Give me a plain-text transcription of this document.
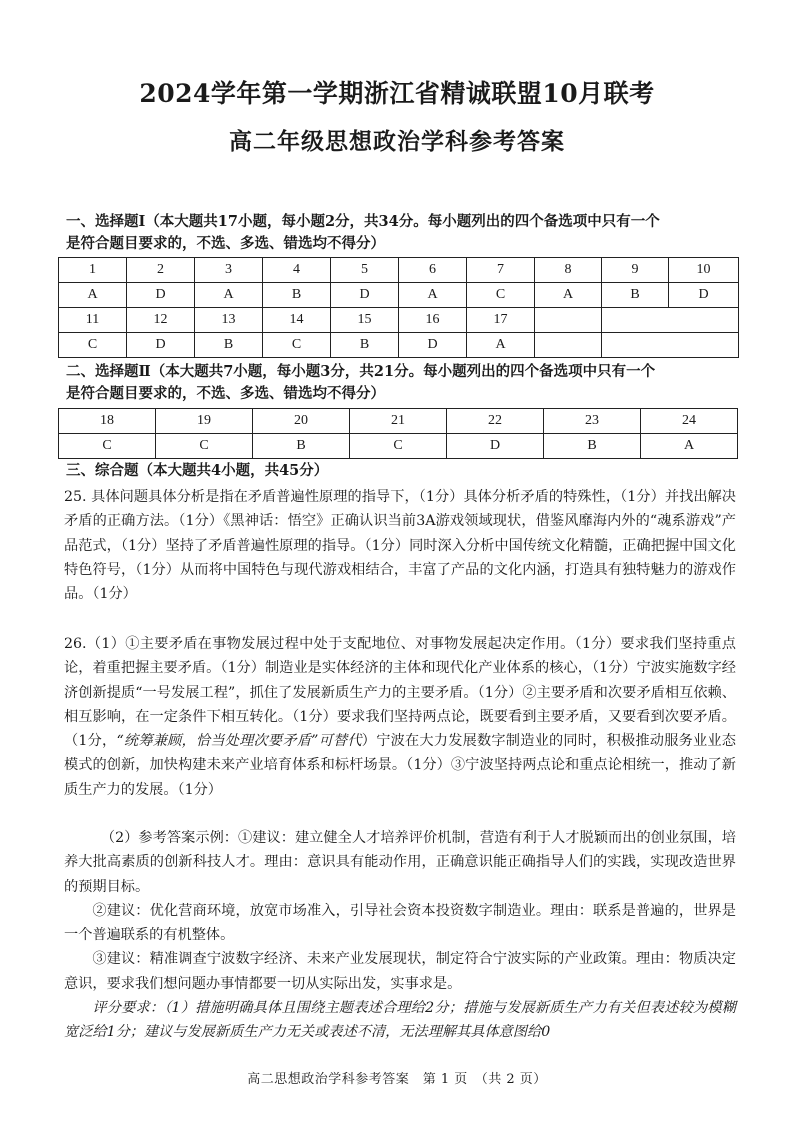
2024学年第一学期浙江省精诚联盟10月联考
高二年级思想政治学科参考答案
一、选择题Ⅰ（本大题共17小题，每小题2分，共34分。每小题列出的四个备选项中只有一个
是符合题目要求的，不选、多选、错选均不得分）
1	2	3	4	5	6	7	8	9	10
A	D	A	B	D	A	C	A	B	D
11	12	13	14	15	16	17			
C	D	B	C	B	D	A			
二、选择题Ⅱ（本大题共7小题，每小题3分，共21分。每小题列出的四个备选项中只有一个
是符合题目要求的，不选、多选、错选均不得分）
18	19	20	21	22	23	24
C	C	B	C	D	B	A
三、综合题（本大题共4小题，共45分）

25. 具体问题具体分析是指在矛盾普遍性原理的指导下，（1分）具体分析矛盾的特殊性，（1分）并找出解决矛盾的正确方法。（1分）《黑神话：悟空》正确认识当前3A游戏领域现状，借鉴风靡海内外的“魂系游戏”产品范式，（1分）坚持了矛盾普遍性原理的指导。（1分）同时深入分析中国传统文化精髓，正确把握中国文化特色符号，（1分）从而将中国特色与现代游戏相结合，丰富了产品的文化内涵，打造具有独特魅力的游戏作品。（1分）

26.（1）①主要矛盾在事物发展过程中处于支配地位、对事物发展起决定作用。（1分）要求我们坚持重点论，着重把握主要矛盾。（1分）制造业是实体经济的主体和现代化产业体系的核心，（1分）宁波实施数字经济创新提质“一号发展工程”，抓住了发展新质生产力的主要矛盾。（1分）②主要矛盾和次要矛盾相互依赖、相互影响，在一定条件下相互转化。（1分）要求我们坚持两点论，既要看到主要矛盾，又要看到次要矛盾。（1分，“统筹兼顾，恰当处理次要矛盾”可替代）宁波在大力发展数字制造业的同时，积极推动服务业业态模式的创新，加快构建未来产业培育体系和标杆场景。（1分）③宁波坚持两点论和重点论相统一，推动了新质生产力的发展。（1分）

（2）参考答案示例：①建议：建立健全人才培养评价机制，营造有利于人才脱颖而出的创业氛围，培养大批高素质的创新科技人才。理由：意识具有能动作用，正确意识能正确指导人们的实践，实现改造世界的预期目标。

②建议：优化营商环境，放宽市场准入，引导社会资本投资数字制造业。理由：联系是普遍的，世界是一个普遍联系的有机整体。

③建议：精准调查宁波数字经济、未来产业发展现状，制定符合宁波实际的产业政策。理由：物质决定意识，要求我们想问题办事情都要一切从实际出发，实事求是。

评分要求：（1）措施明确具体且围绕主题表述合理给2分；措施与发展新质生产力有关但表述较为模糊宽泛给1分；建议与发展新质生产力无关或表述不清，无法理解其具体意图给0

高二思想政治学科参考答案　第 1 页　（共 2 页）
